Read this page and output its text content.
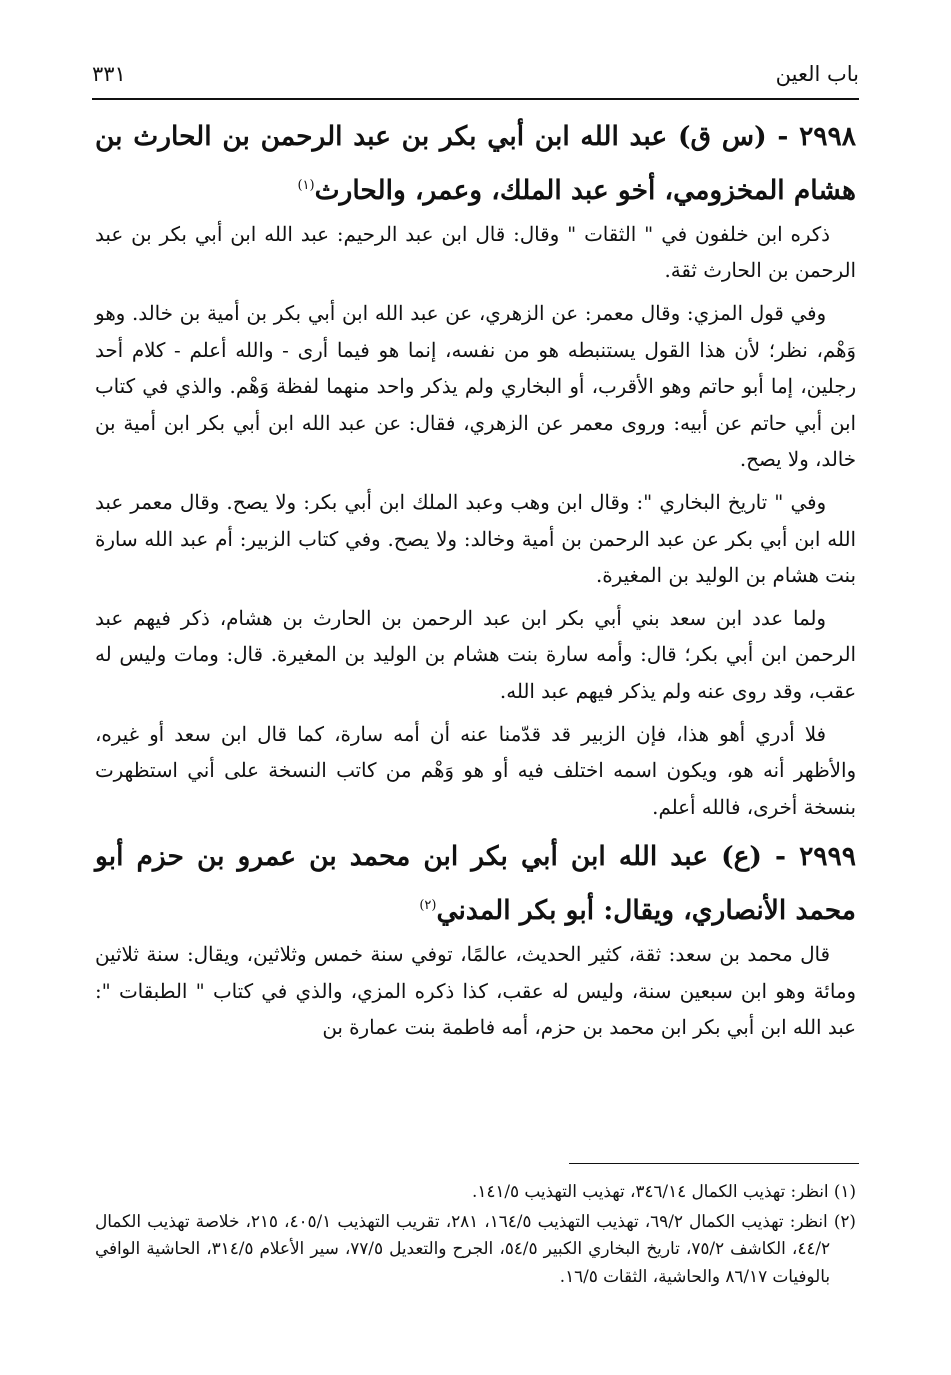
باب العين
٣٣١
٢٩٩٨ - (س ق) عبد الله ابن أبي بكر بن عبد الرحمن بن الحارث بن هشام المخزومي، أخو عبد الملك، وعمر، والحارث$^{(١)}$

ذكره ابن خلفون في " الثقات " وقال: قال ابن عبد الرحيم: عبد الله ابن أبي بكر بن عبد الرحمن بن الحارث ثقة.

وفي قول المزي: وقال معمر: عن الزهري، عن عبد الله ابن أبي بكر بن أمية بن خالد. وهو وَهْم، نظر؛ لأن هذا القول يستنبطه هو من نفسه، إنما هو فيما أرى - والله أعلم - كلام أحد رجلين، إما أبو حاتم وهو الأقرب، أو البخاري ولم يذكر واحد منهما لفظة وَهْم. والذي في كتاب ابن أبي حاتم عن أبيه: وروى معمر عن الزهري، فقال: عن عبد الله ابن أبي بكر ابن أمية بن خالد، ولا يصح.

وفي " تاريخ البخاري ": وقال ابن وهب وعبد الملك ابن أبي بكر: ولا يصح. وقال معمر عبد الله ابن أبي بكر عن عبد الرحمن بن أمية وخالد: ولا يصح. وفي كتاب الزبير: أم عبد الله سارة بنت هشام بن الوليد بن المغيرة.

ولما عدد ابن سعد بني أبي بكر ابن عبد الرحمن بن الحارث بن هشام، ذكر فيهم عبد الرحمن ابن أبي بكر؛ قال: وأمه سارة بنت هشام بن الوليد بن المغيرة. قال: ومات وليس له عقب، وقد روى عنه ولم يذكر فيهم عبد الله.

فلا أدري أهو هذا، فإن الزبير قد قدّمنا عنه أن أمه سارة، كما قال ابن سعد أو غيره، والأظهر أنه هو، ويكون اسمه اختلف فيه أو هو وَهْم من كاتب النسخة على أني استظهرت بنسخة أخرى، فالله أعلم.

٢٩٩٩ - (ع) عبد الله ابن أبي بكر ابن محمد بن عمرو بن حزم أبو محمد الأنصاري، ويقال: أبو بكر المدني$^{(٢)}$

قال محمد بن سعد: ثقة، كثير الحديث، عالمًا، توفي سنة خمس وثلاثين، ويقال: سنة ثلاثين ومائة وهو ابن سبعين سنة، وليس له عقب، كذا ذكره المزي، والذي في كتاب " الطبقات ": عبد الله ابن أبي بكر ابن محمد بن حزم، أمه فاطمة بنت عمارة بن

(١) انظر: تهذيب الكمال ٣٤٦/١٤، تهذيب التهذيب ١٤١/٥.

(٢) انظر: تهذيب الكمال ٦٩/٢، تهذيب التهذيب ١٦٤/٥، ٢٨١، تقريب التهذيب ٤٠٥/١، ٢١٥، خلاصة تهذيب الكمال ٤٤/٢، الكاشف ٧٥/٢، تاريخ البخاري الكبير ٥٤/٥، الجرح والتعديل ٧٧/٥، سير الأعلام ٣١٤/٥، الحاشية الوافي بالوفيات ٨٦/١٧ والحاشية، الثقات ١٦/٥.
